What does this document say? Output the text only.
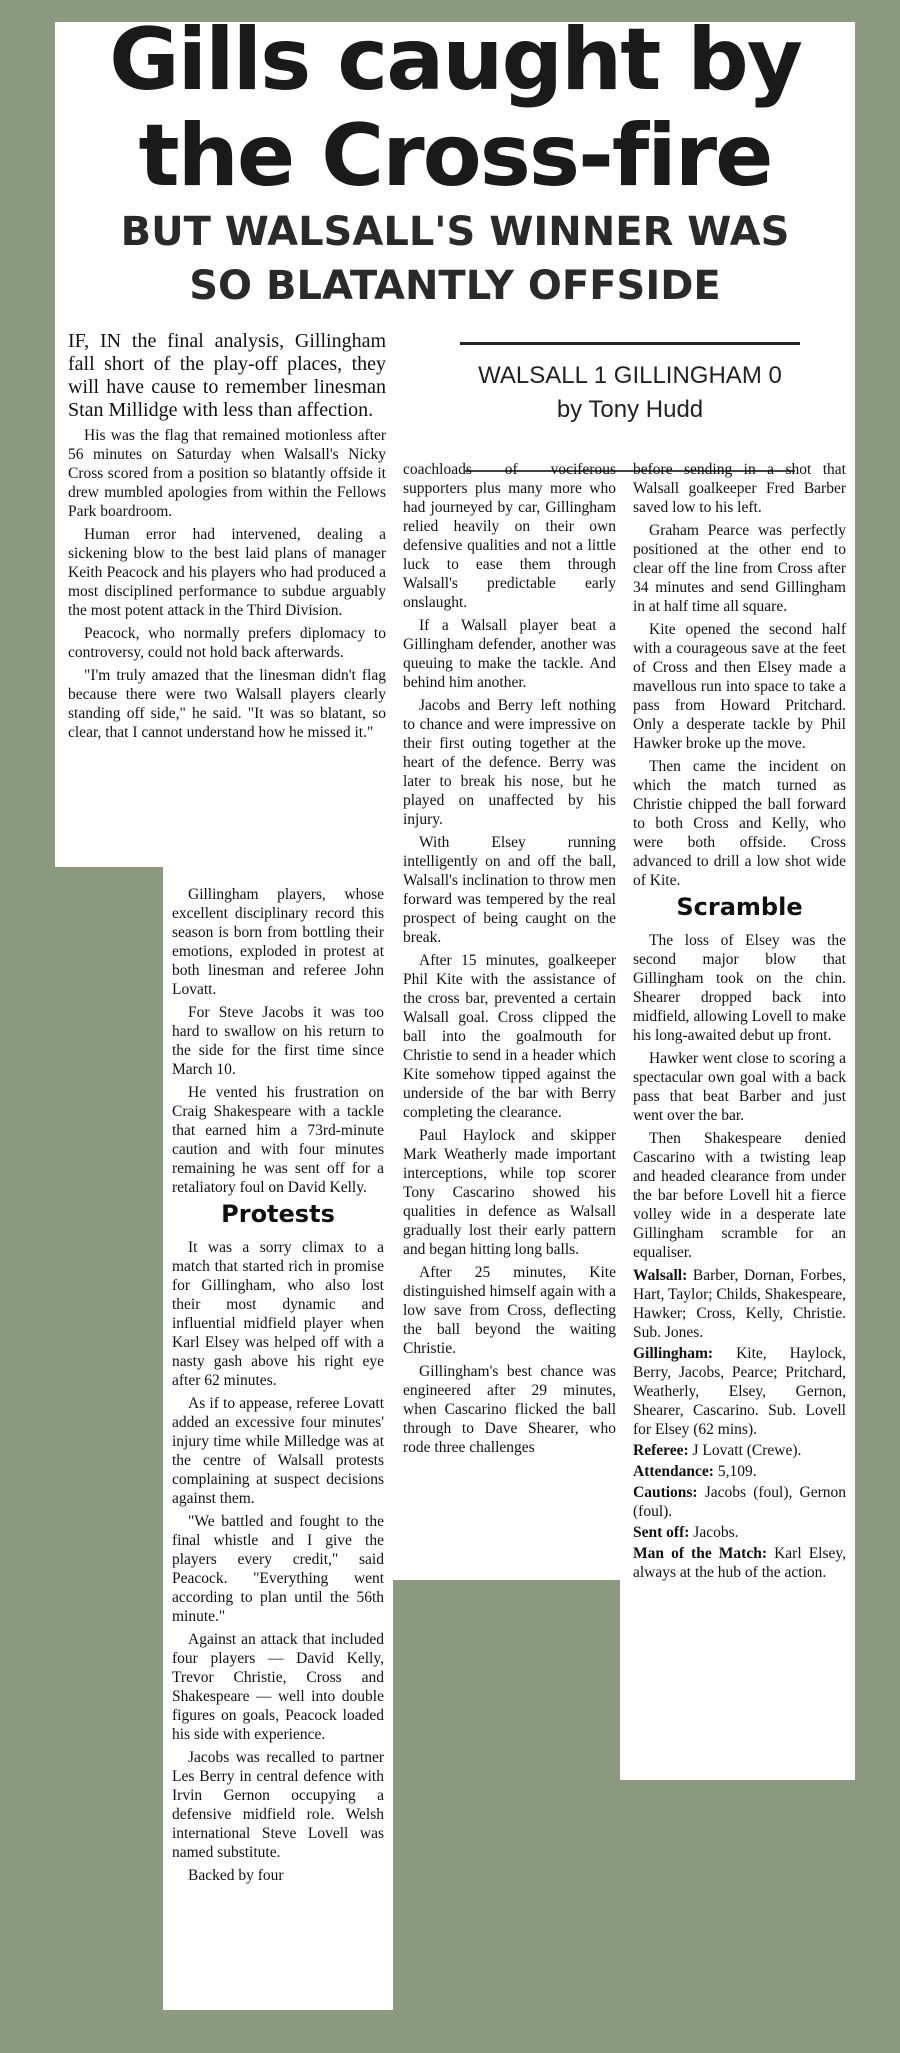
Gills caught by
the Cross-fire
BUT WALSALL'S WINNER WAS
SO BLATANTLY OFFSIDE
WALSALL 1 GILLINGHAM 0
by Tony Hudd

IF, IN the final analysis, Gillingham fall short of the play-off places, they will have cause to remember linesman Stan Millidge with less than affection.

His was the flag that remained motionless after 56 minutes on Saturday when Walsall's Nicky Cross scored from a position so blatantly offside it drew mumbled apologies from within the Fellows Park boardroom.

Human error had intervened, dealing a sickening blow to the best laid plans of manager Keith Peacock and his players who had produced a most disciplined performance to subdue arguably the most potent attack in the Third Division.

Peacock, who normally prefers diplomacy to controversy, could not hold back afterwards.

"I'm truly amazed that the linesman didn't flag because there were two Walsall players clearly standing off side," he said. "It was so blatant, so clear, that I cannot understand how he missed it."

Gillingham players, whose excellent disciplinary record this season is born from bottling their emotions, exploded in protest at both linesman and referee John Lovatt.

For Steve Jacobs it was too hard to swallow on his return to the side for the first time since March 10.

He vented his frustration on Craig Shakespeare with a tackle that earned him a 73rd-minute caution and with four minutes remaining he was sent off for a retaliatory foul on David Kelly.

Protests

It was a sorry climax to a match that started rich in promise for Gillingham, who also lost their most dynamic and influential midfield player when Karl Elsey was helped off with a nasty gash above his right eye after 62 minutes.

As if to appease, referee Lovatt added an excessive four minutes' injury time while Milledge was at the centre of Walsall protests complaining at suspect decisions against them.

"We battled and fought to the final whistle and I give the players every credit," said Peacock. "Everything went according to plan until the 56th minute."

Against an attack that included four players — David Kelly, Trevor Christie, Cross and Shakespeare — well into double figures on goals, Peacock loaded his side with experience.

Jacobs was recalled to partner Les Berry in central defence with Irvin Gernon occupying a defensive midfield role. Welsh international Steve Lovell was named substitute.

Backed by four

coachloads of vociferous supporters plus many more who had journeyed by car, Gillingham relied heavily on their own defensive qualities and not a little luck to ease them through Walsall's predictable early onslaught.

If a Walsall player beat a Gillingham defender, another was queuing to make the tackle. And behind him another.

Jacobs and Berry left nothing to chance and were impressive on their first outing together at the heart of the defence. Berry was later to break his nose, but he played on unaffected by his injury.

With Elsey running intelligently on and off the ball, Walsall's inclination to throw men forward was tempered by the real prospect of being caught on the break.

After 15 minutes, goalkeeper Phil Kite with the assistance of the cross bar, prevented a certain Walsall goal. Cross clipped the ball into the goalmouth for Christie to send in a header which Kite somehow tipped against the underside of the bar with Berry completing the clearance.

Paul Haylock and skipper Mark Weatherly made important interceptions, while top scorer Tony Cascarino showed his qualities in defence as Walsall gradually lost their early pattern and began hitting long balls.

After 25 minutes, Kite distinguished himself again with a low save from Cross, deflecting the ball beyond the waiting Christie.

Gillingham's best chance was engineered after 29 minutes, when Cascarino flicked the ball through to Dave Shearer, who rode three challenges

before sending in a shot that Walsall goalkeeper Fred Barber saved low to his left.

Graham Pearce was perfectly positioned at the other end to clear off the line from Cross after 34 minutes and send Gillingham in at half time all square.

Kite opened the second half with a courageous save at the feet of Cross and then Elsey made a mavellous run into space to take a pass from Howard Pritchard. Only a desperate tackle by Phil Hawker broke up the move.

Then came the incident on which the match turned as Christie chipped the ball forward to both Cross and Kelly, who were both offside. Cross advanced to drill a low shot wide of Kite.

Scramble

The loss of Elsey was the second major blow that Gillingham took on the chin. Shearer dropped back into midfield, allowing Lovell to make his long-awaited debut up front.

Hawker went close to scoring a spectacular own goal with a back pass that beat Barber and just went over the bar.

Then Shakespeare denied Cascarino with a twisting leap and headed clearance from under the bar before Lovell hit a fierce volley wide in a desperate late Gillingham scramble for an equaliser.

Walsall: Barber, Dornan, Forbes, Hart, Taylor; Childs, Shakespeare, Hawker; Cross, Kelly, Christie. Sub. Jones.

Gillingham: Kite, Haylock, Berry, Jacobs, Pearce; Pritchard, Weatherly, Elsey, Gernon, Shearer, Cascarino. Sub. Lovell for Elsey (62 mins).

Referee: J Lovatt (Crewe).

Attendance: 5,109.

Cautions: Jacobs (foul), Gernon (foul).

Sent off: Jacobs.

Man of the Match: Karl Elsey, always at the hub of the action.
